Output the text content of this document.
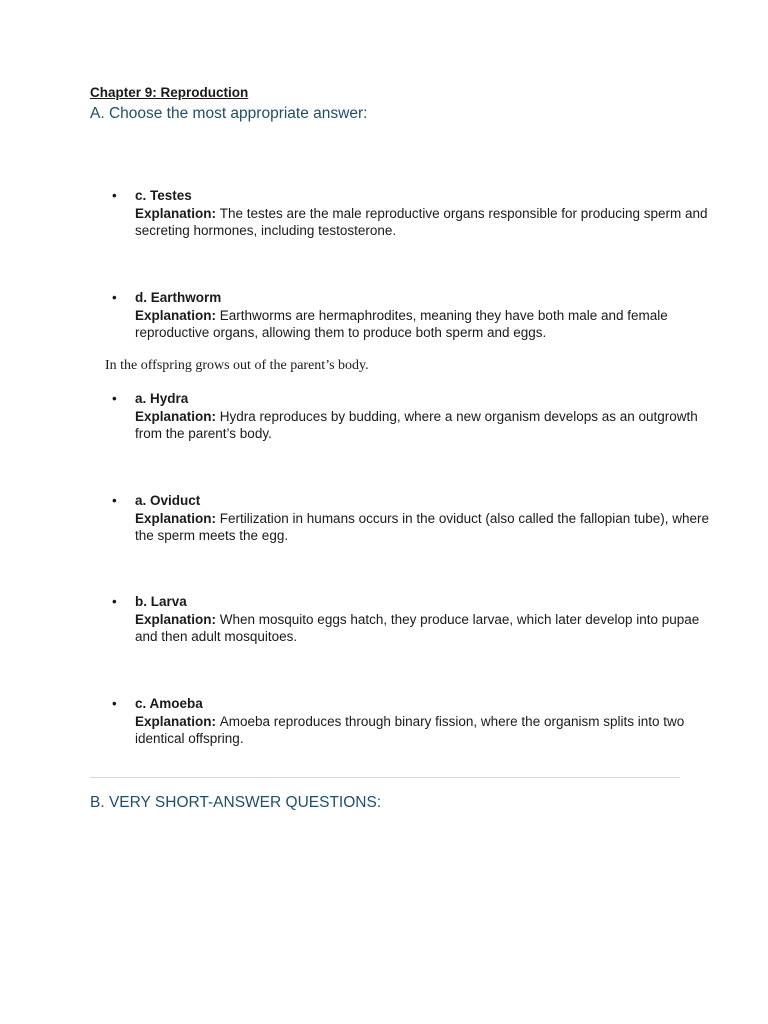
Chapter 9: Reproduction

A. Choose the most appropriate answer:
• c. Testes
Explanation: The testes are the male reproductive organs responsible for producing sperm and secreting hormones, including testosterone.
• d. Earthworm
Explanation: Earthworms are hermaphrodites, meaning they have both male and female reproductive organs, allowing them to produce both sperm and eggs.

In the offspring grows out of the parent’s body.

• a. Hydra
Explanation: Hydra reproduces by budding, where a new organism develops as an outgrowth from the parent’s body.
• a. Oviduct
Explanation: Fertilization in humans occurs in the oviduct (also called the fallopian tube), where the sperm meets the egg.
• b. Larva
Explanation: When mosquito eggs hatch, they produce larvae, which later develop into pupae and then adult mosquitoes.
• c. Amoeba
Explanation: Amoeba reproduces through binary fission, where the organism splits into two identical offspring.
B. VERY SHORT-ANSWER QUESTIONS:
